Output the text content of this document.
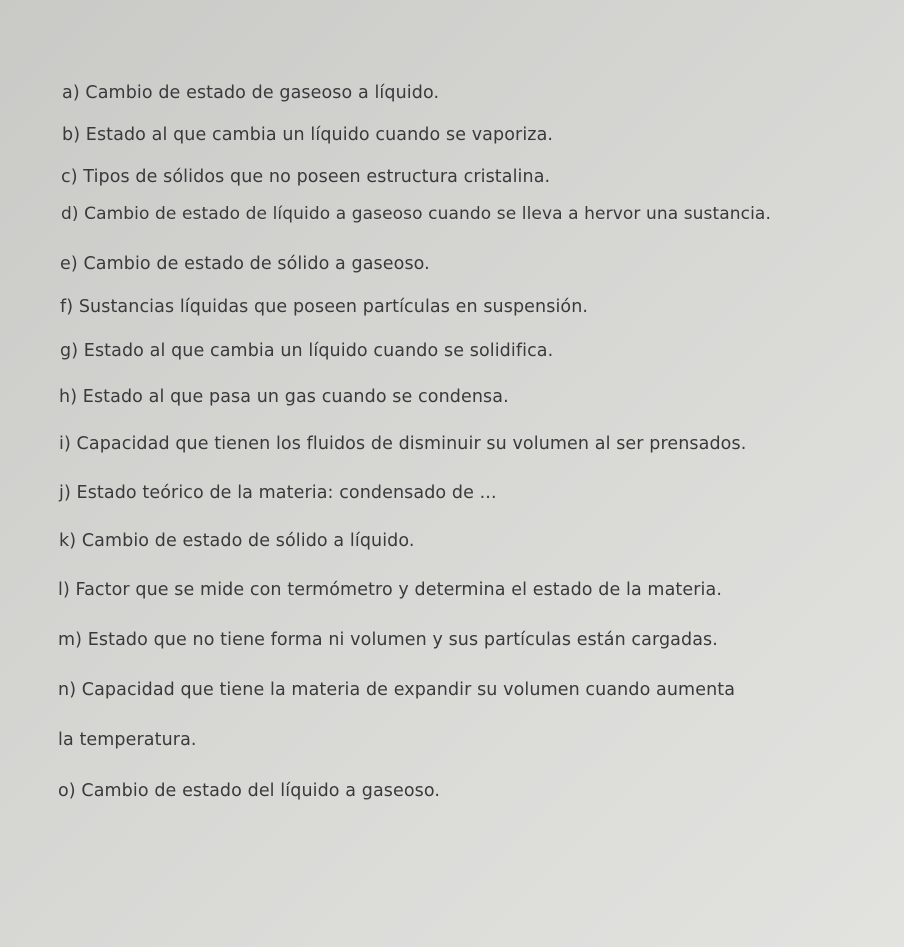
a) Cambio de estado de gaseoso a líquido.
b) Estado al que cambia un líquido cuando se vaporiza.
c) Tipos de sólidos que no poseen estructura cristalina.
d) Cambio de estado de líquido a gaseoso cuando se lleva a hervor una sustancia.
e) Cambio de estado de sólido a gaseoso.
f) Sustancias líquidas que poseen partículas en suspensión.
g) Estado al que cambia un líquido cuando se solidifica.
h) Estado al que pasa un gas cuando se condensa.
i) Capacidad que tienen los fluidos de disminuir su volumen al ser prensados.
j) Estado teórico de la materia: condensado de ...
k) Cambio de estado de sólido a líquido.
l) Factor que se mide con termómetro y determina el estado de la materia.
m) Estado que no tiene forma ni volumen y sus partículas están cargadas.
n) Capacidad que tiene la materia de expandir su volumen cuando aumenta
la temperatura.
o) Cambio de estado del líquido a gaseoso.
